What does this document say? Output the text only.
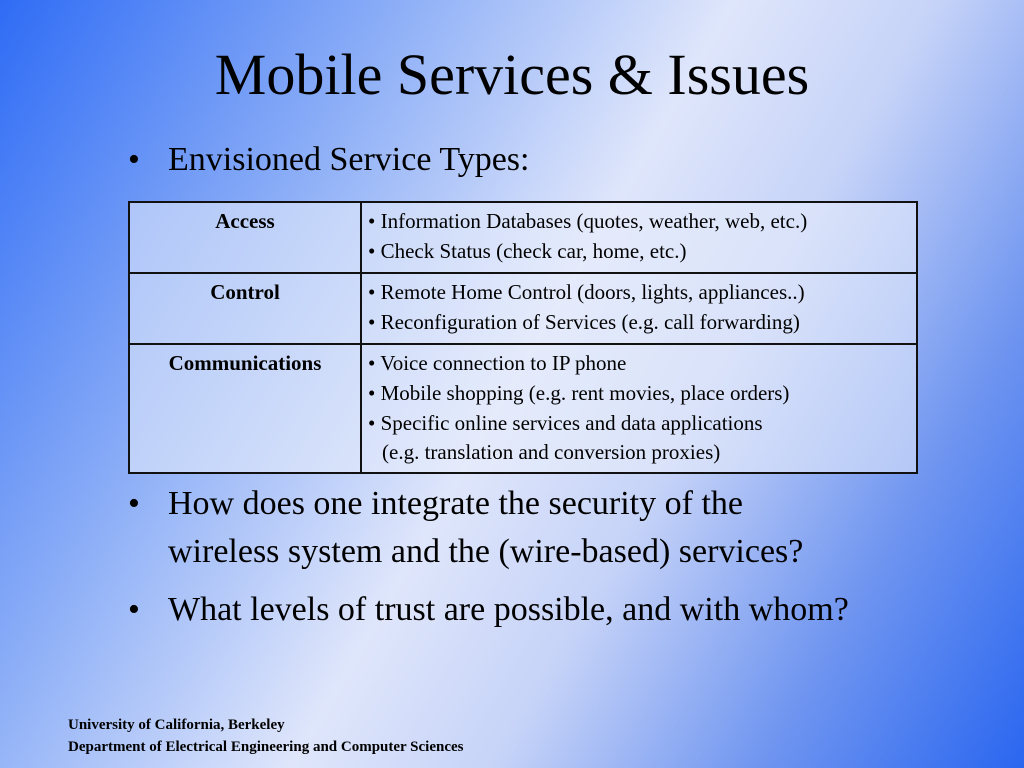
Mobile Services & Issues
• Envisioned Service Types:
Access	• Information Databases (quotes, weather, web, etc.)
• Check Status (check car, home, etc.)

Control	• Remote Home Control (doors, lights, appliances..)
• Reconfiguration of Services (e.g. call forwarding)

Communications	• Voice connection to IP phone
• Mobile shopping (e.g. rent movies, place orders)
• Specific online services and data applications
(e.g. translation and conversion proxies)
• How does one integrate the security of the
wireless system and the (wire-based) services?
• What levels of trust are possible, and with whom?
University of California, Berkeley
Department of Electrical Engineering and Computer Sciences
